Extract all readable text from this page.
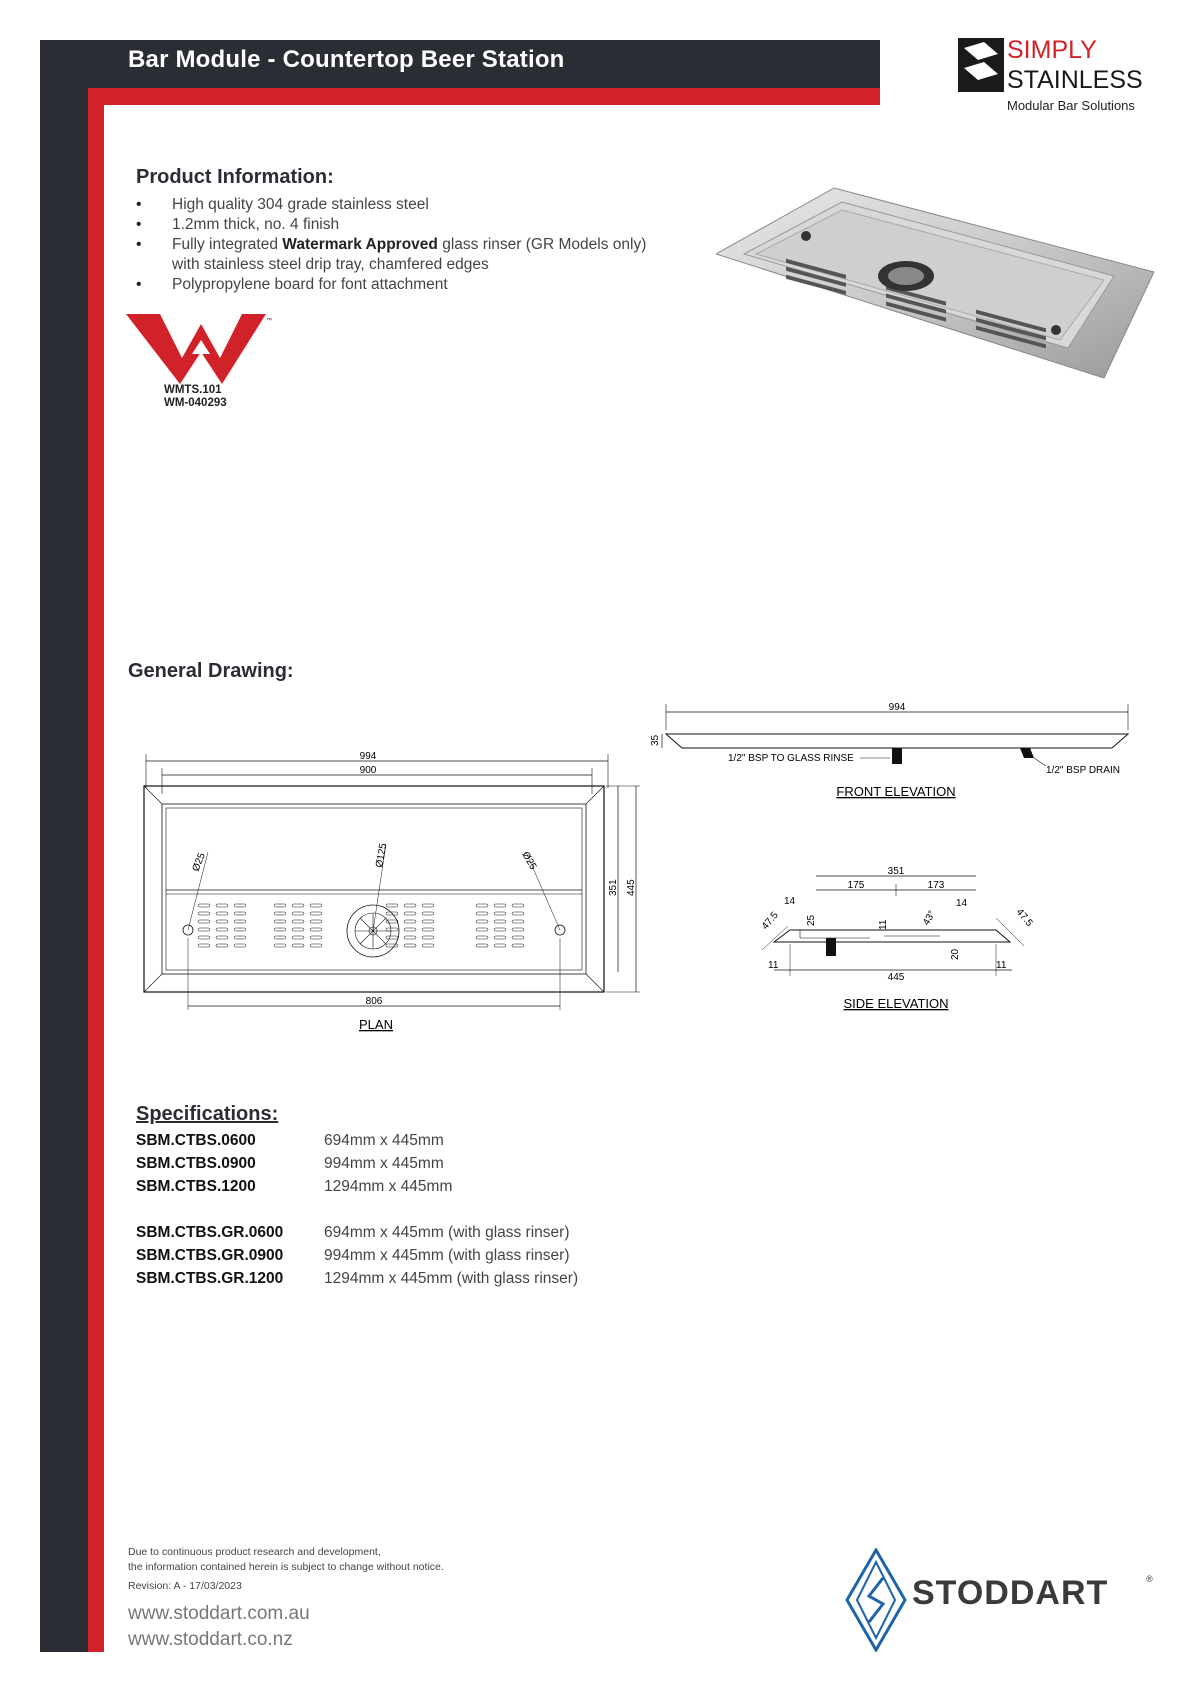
Bar Module - Countertop Beer Station	SIMPLY
STAINLESS
Modular Bar Solutions
Product Information:
• High quality 304 grade stainless steel
• 1.2mm thick, no. 4 finish
• Fully integrated Watermark Approved glass rinser (GR Models only)
with stainless steel drip tray, chamfered edges
• Polypropylene board for font attachment
™
WMTS.101
WM-040293
General Drawing:
994
900
Ø125
Ø25	Ø25
351 445
806
PLAN
994
35
1/2" BSP TO GLASS RINSE
1/2" BSP DRAIN
FRONT ELEVATION
351
175	173
14	14
47.5	47.5
25	11	43°
20
11
445
11
SIDE ELEVATION
Specifications:
SBM.CTBS.0600	694mm x 445mm
SBM.CTBS.0900	994mm x 445mm
SBM.CTBS.1200	1294mm x 445mm
SBM.CTBS.GR.0600	694mm x 445mm (with glass rinser)
SBM.CTBS.GR.0900	994mm x 445mm (with glass rinser)
SBM.CTBS.GR.1200	1294mm x 445mm (with glass rinser)
Due to continuous product research and development,
the information contained herein is subject to change without notice.
Revision: A - 17/03/2023
www.stoddart.com.au
www.stoddart.co.nz
STODDART	®
